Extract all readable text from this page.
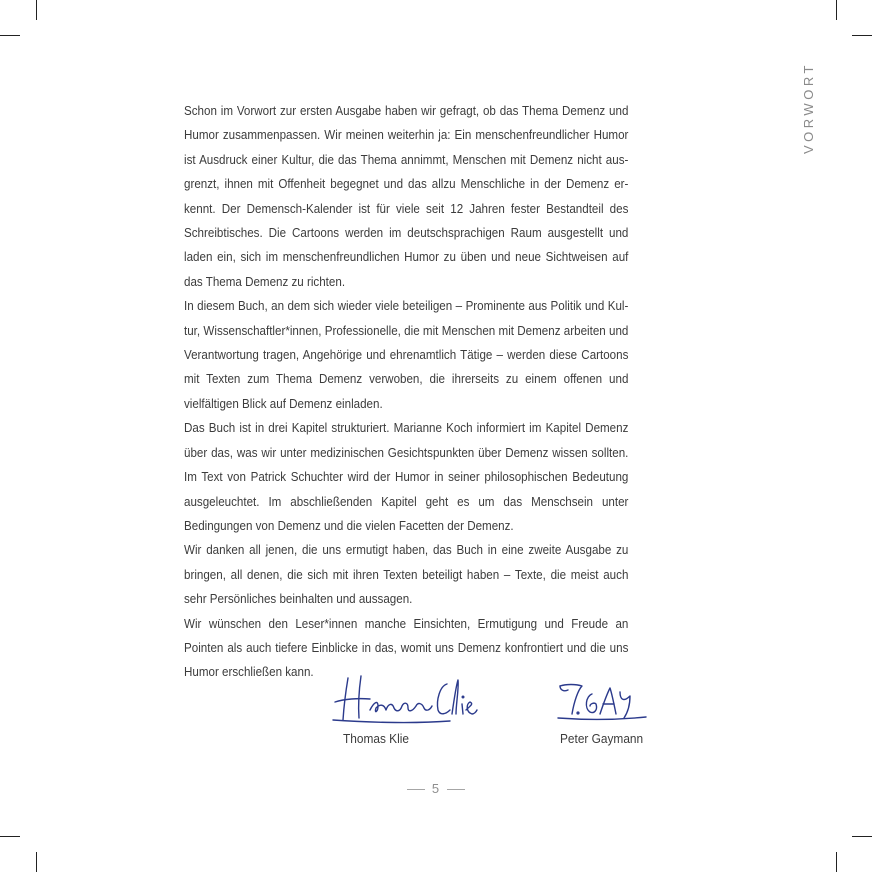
VORWORT

Schon im Vorwort zur ersten Ausgabe haben wir gefragt, ob das Thema Demenz und Humor zusammenpassen. Wir meinen weiterhin ja: Ein menschenfreundlicher Humor ist Ausdruck einer Kultur, die das Thema annimmt, Menschen mit Demenz nicht ausgrenzt, ihnen mit Offenheit begegnet und das allzu Menschliche in der Demenz erkennt. Der Demensch-Kalender ist für viele seit 12 Jahren fester Bestandteil des Schreibtisches. Die Cartoons werden im deutschsprachigen Raum ausgestellt und laden ein, sich im menschenfreundlichen Humor zu üben und neue Sichtweisen auf das Thema Demenz zu richten.

In diesem Buch, an dem sich wieder viele beteiligen – Prominente aus Politik und Kultur, Wissenschaftler*innen, Professionelle, die mit Menschen mit Demenz arbeiten und Verantwortung tragen, Angehörige und ehrenamtlich Tätige – werden diese Cartoons mit Texten zum Thema Demenz verwoben, die ihrerseits zu einem offenen und vielfältigen Blick auf Demenz einladen.

Das Buch ist in drei Kapitel strukturiert. Marianne Koch informiert im Kapitel Demenz über das, was wir unter medizinischen Gesichtspunkten über Demenz wissen sollten. Im Text von Patrick Schuchter wird der Humor in seiner philosophischen Bedeutung ausgeleuchtet. Im abschließenden Kapitel geht es um das Menschsein unter Bedingungen von Demenz und die vielen Facetten der Demenz.

Wir danken all jenen, die uns ermutigt haben, das Buch in eine zweite Ausgabe zu bringen, all denen, die sich mit ihren Texten beteiligt haben – Texte, die meist auch sehr Persönliches beinhalten und aussagen.

Wir wünschen den Leser*innen manche Einsichten, Ermutigung und Freude an Pointen als auch tiefere Einblicke in das, womit uns Demenz konfrontiert und die uns Humor erschließen kann.

Thomas Klie	Peter Gaymann
5
